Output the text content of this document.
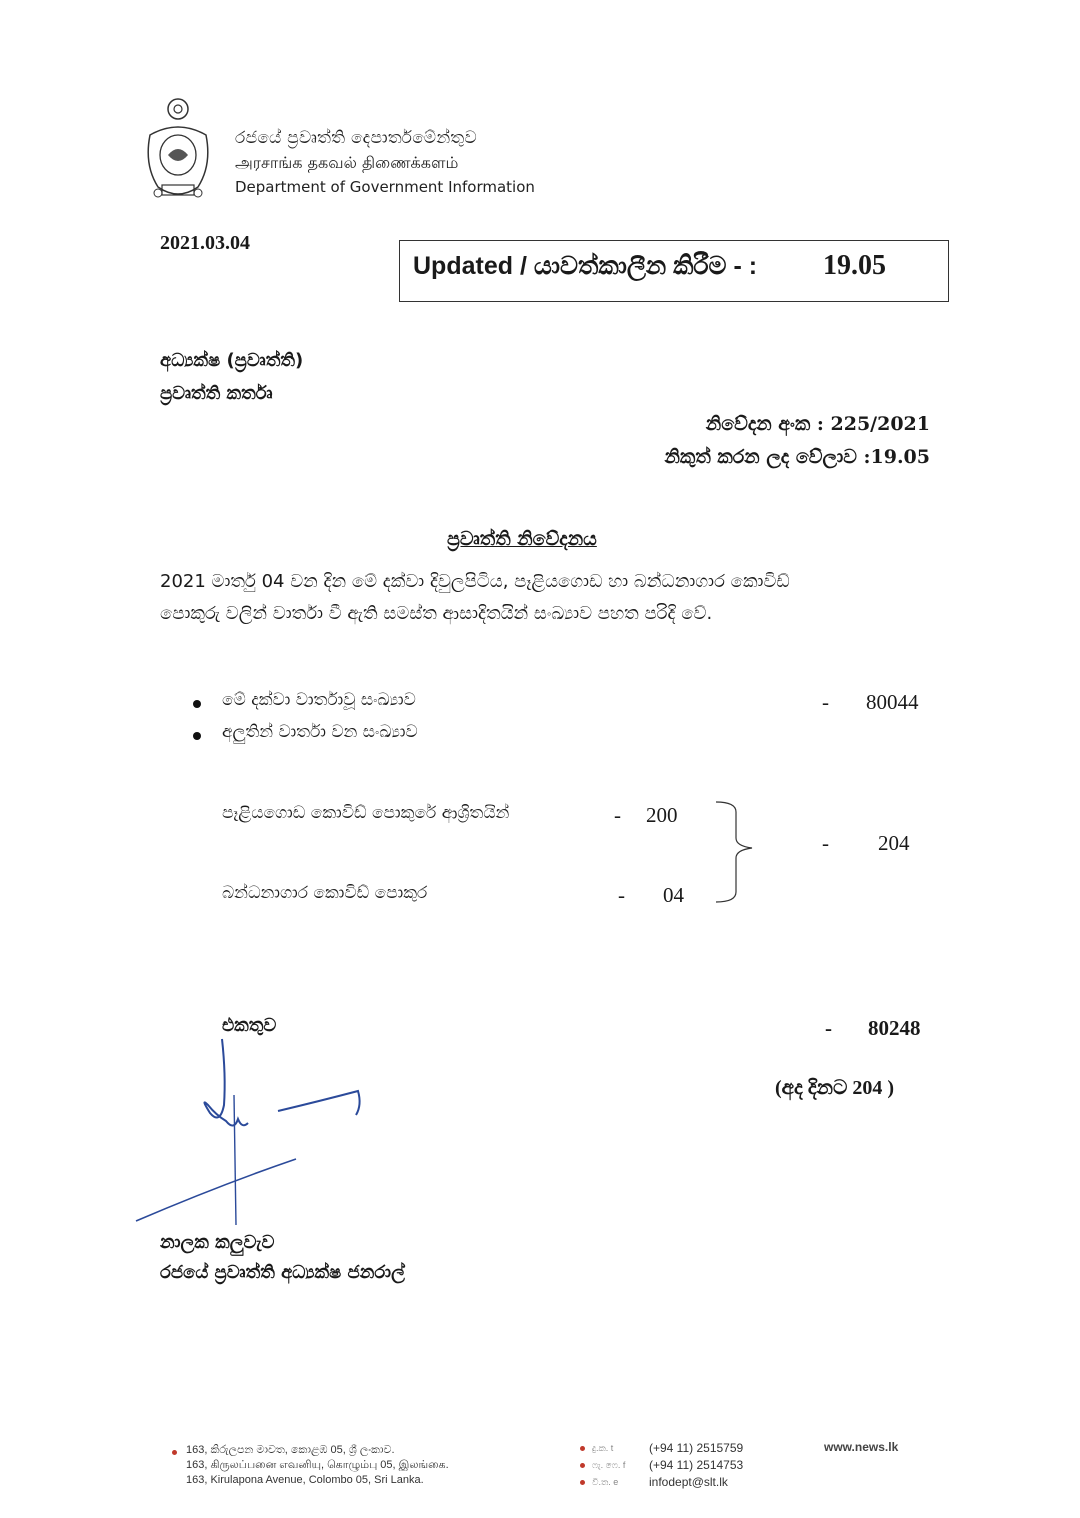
රජයේ ප්‍රවෘත්ති දෙපාර්තමේන්තුව
அரசாங்க தகவல் திணைக்களம்
Department of Government Information
2021.03.04
Updated / යාවත්කාලීන කිරීම - : 19.05
අධ්‍යක්ෂ (ප්‍රවෘත්ති)
ප්‍රවෘත්ති කර්තෘ
නිවේදන අංක : 225/2021
නිකුත් කරන ලද වේලාව :19.05
ප්‍රවෘත්ති නිවේදනය
2021 මාර්තු 04 වන දින මේ දක්වා දිවුලපිටිය, පෑළියගොඩ හා බන්ධනාගාර කොවිඩ්
පොකුරු වලින් වාර්තා වී ඇති සමස්ත ආසාදිතයින් සංඛ්‍යාව පහත පරිදි වේ.
මේ දක්වා වාර්තාවූ සංඛ්‍යාව	- 80044
අලුතින් වාර්තා වන සංඛ්‍යාව
පෑළියගොඩ කොවිඩ් පොකුරේ ආශ්‍රිතයින්	- 200
බන්ධනාගාර කොවිඩ් පොකුර	- 04
- 204
එකතුව	- 80248
(අද දිනට 204 )
නාලක කලුවැව
රජයේ ප්‍රවෘත්ති අධ්‍යක්ෂ ජනරාල්
163, කිරුලපන මාවත, කොළඹ 05, ශ්‍රී ලංකාව.
163, கிருலப்பனை எவனியு, கொழும்பு 05, இலங்கை.
163, Kirulapona Avenue, Colombo 05, Sri Lanka.
දු.ක. t
ෆැ. ෆෙ. f
වි.ත. e
(+94 11) 2515759
(+94 11) 2514753
infodept@slt.lk
www.news.lk
